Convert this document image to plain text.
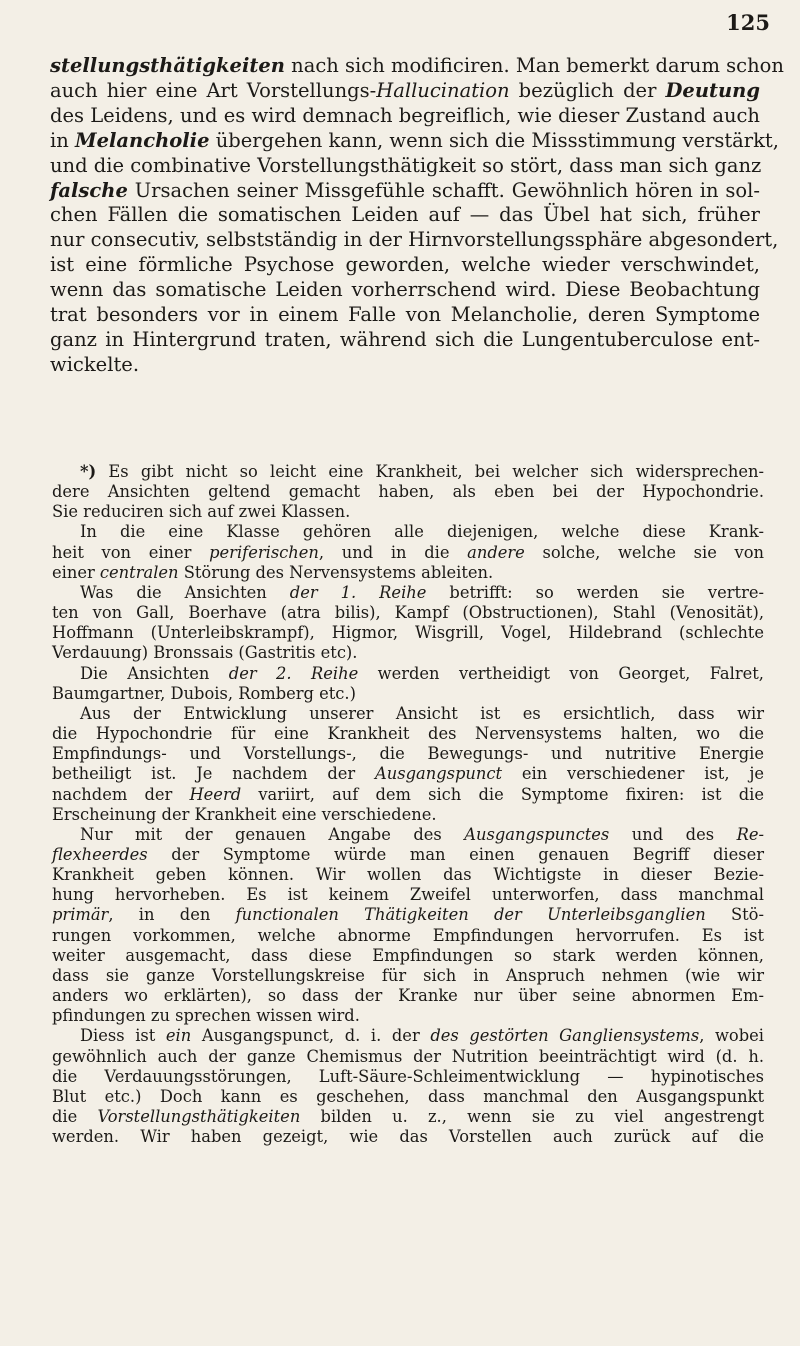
125
stellungsthätigkeiten nach sich modificiren. Man bemerkt darum schon
auch hier eine Art Vorstellungs-Hallucination bezüglich der Deutung
des Leidens, und es wird demnach begreiflich, wie dieser Zustand auch
in Melancholie übergehen kann, wenn sich die Missstimmung verstärkt,
und die combinative Vorstellungsthätigkeit so stört, dass man sich ganz
falsche Ursachen seiner Missgefühle schafft. Gewöhnlich hören in sol-
chen Fällen die somatischen Leiden auf — das Übel hat sich, früher
nur consecutiv, selbstständig in der Hirnvorstellungssphäre abgesondert,
ist eine förmliche Psychose geworden, welche wieder verschwindet,
wenn das somatische Leiden vorherrschend wird. Diese Beobachtung
trat besonders vor in einem Falle von Melancholie, deren Symptome
ganz in Hintergrund traten, während sich die Lungentuberculose ent-
wickelte.
*) Es gibt nicht so leicht eine Krankheit, bei welcher sich widersprechen-
dere Ansichten geltend gemacht haben, als eben bei der Hypochondrie.
Sie reduciren sich auf zwei Klassen.
In die eine Klasse gehören alle diejenigen, welche diese Krank-
heit von einer periferischen, und in die andere solche, welche sie von
einer centralen Störung des Nervensystems ableiten.
Was die Ansichten der 1. Reihe betrifft: so werden sie vertre-
ten von Gall, Boerhave (atra bilis), Kampf (Obstructionen), Stahl (Venosität),
Hoffmann (Unterleibskrampf), Higmor, Wisgrill, Vogel, Hildebrand (schlechte
Verdauung) Bronssais (Gastritis etc).
Die Ansichten der 2. Reihe werden vertheidigt von Georget, Falret,
Baumgartner, Dubois, Romberg etc.)
Aus der Entwicklung unserer Ansicht ist es ersichtlich, dass wir
die Hypochondrie für eine Krankheit des Nervensystems halten, wo die
Empfindungs- und Vorstellungs-, die Bewegungs- und nutritive Energie
betheiligt ist. Je nachdem der Ausgangspunct ein verschiedener ist, je
nachdem der Heerd variirt, auf dem sich die Symptome fixiren: ist die
Erscheinung der Krankheit eine verschiedene.
Nur mit der genauen Angabe des Ausgangspunctes und des Re-
flexheerdes der Symptome würde man einen genauen Begriff dieser
Krankheit geben können. Wir wollen das Wichtigste in dieser Bezie-
hung hervorheben. Es ist keinem Zweifel unterworfen, dass manchmal
primär, in den functionalen Thätigkeiten der Unterleibsganglien Stö-
rungen vorkommen, welche abnorme Empfindungen hervorrufen. Es ist
weiter ausgemacht, dass diese Empfindungen so stark werden können,
dass sie ganze Vorstellungskreise für sich in Anspruch nehmen (wie wir
anders wo erklärten), so dass der Kranke nur über seine abnormen Em-
pfindungen zu sprechen wissen wird.
Diess ist ein Ausgangspunct, d. i. der des gestörten Gangliensystems, wobei
gewöhnlich auch der ganze Chemismus der Nutrition beeinträchtigt wird (d. h.
die Verdauungsstörungen, Luft-Säure-Schleimentwicklung — hypinotisches
Blut etc.) Doch kann es geschehen, dass manchmal den Ausgangspunkt
die Vorstellungsthätigkeiten bilden u. z., wenn sie zu viel angestrengt
werden. Wir haben gezeigt, wie das Vorstellen auch zurück auf die
